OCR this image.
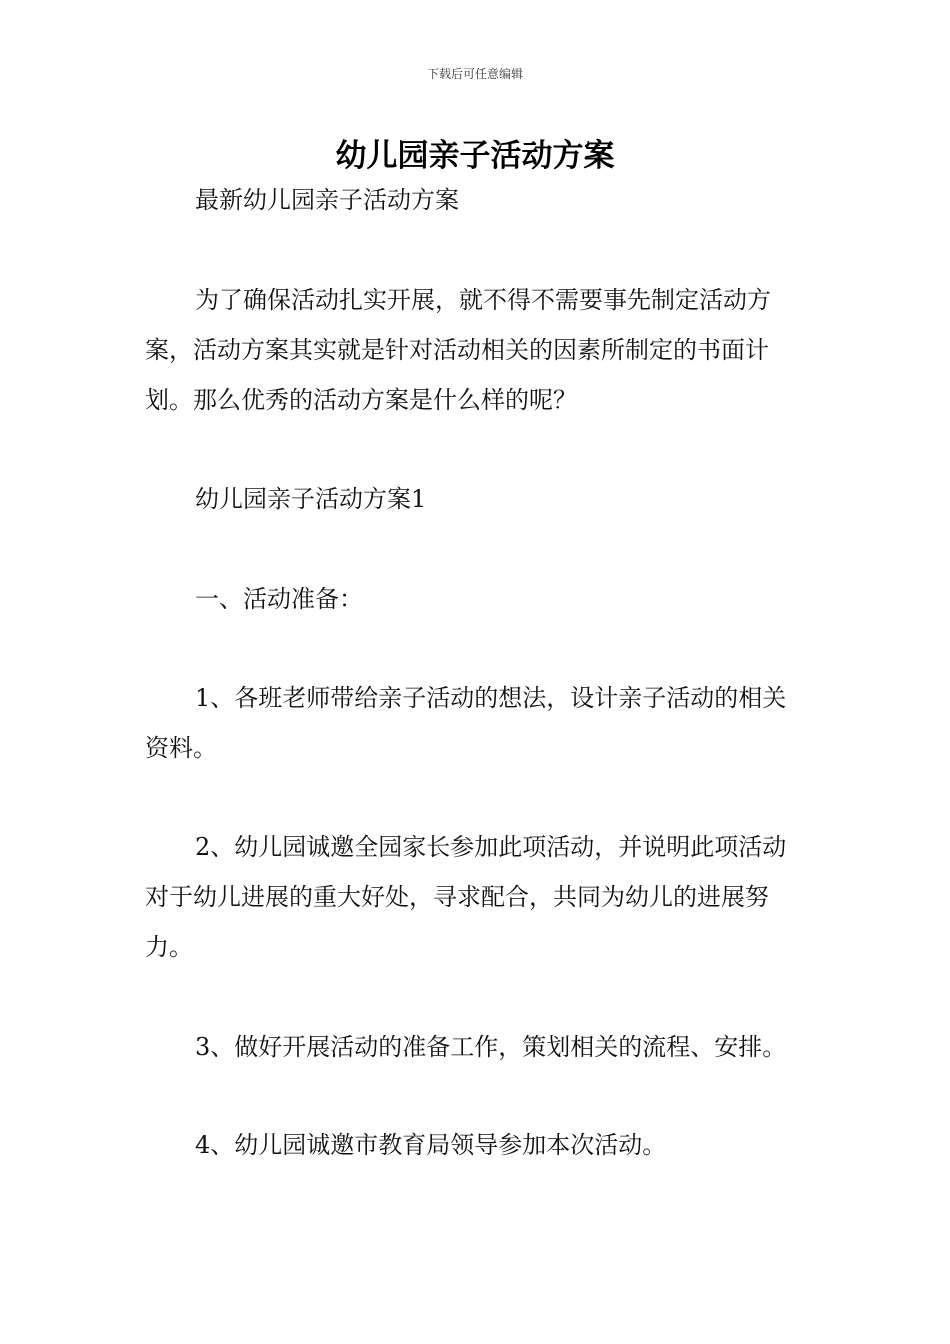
下载后可任意编辑
幼儿园亲子活动方案
最新幼儿园亲子活动方案
为了确保活动扎实开展，就不得不需要事先制定活动方案，活动方案其实就是针对活动相关的因素所制定的书面计划。那么优秀的活动方案是什么样的呢？
幼儿园亲子活动方案1
一、活动准备：
1、各班老师带给亲子活动的想法，设计亲子活动的相关资料。
2、幼儿园诚邀全园家长参加此项活动，并说明此项活动对于幼儿进展的重大好处，寻求配合，共同为幼儿的进展努力。
3、做好开展活动的准备工作，策划相关的流程、安排。
4、幼儿园诚邀市教育局领导参加本次活动。
